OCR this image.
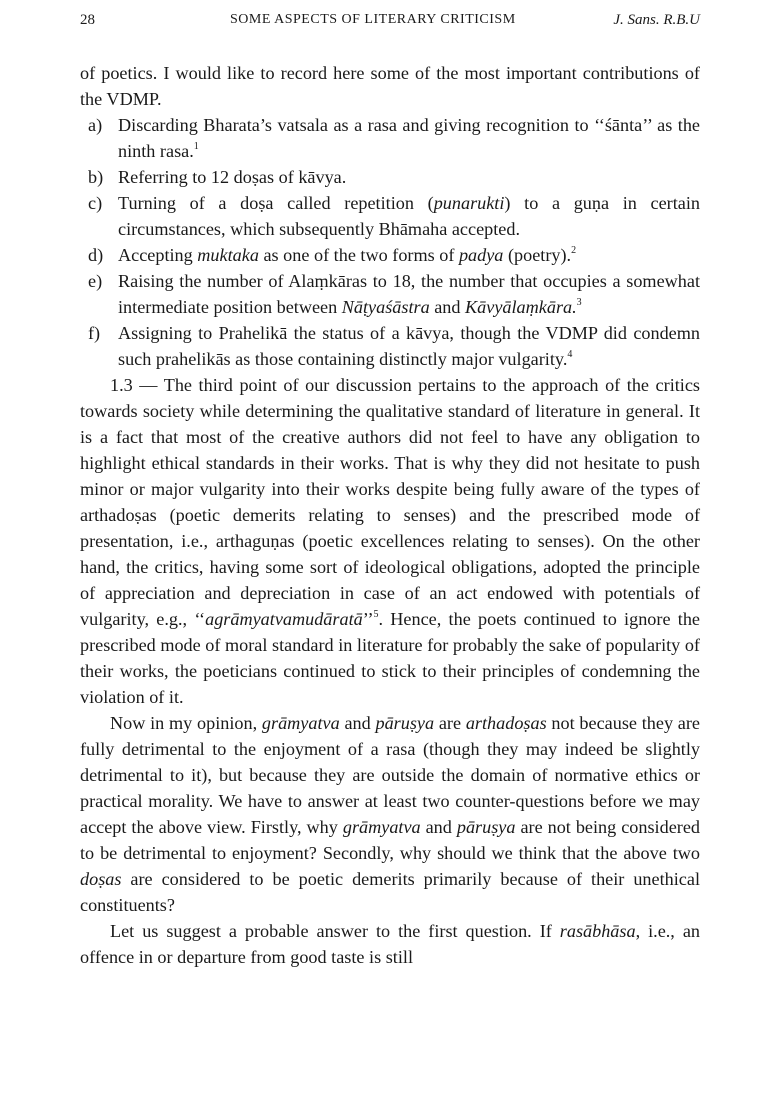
28	SOME ASPECTS OF LITERARY CRITICISM	J. Sans. R.B.U

of poetics. I would like to record here some of the most important contributions of the VDMP.

a) Discarding Bharata’s vatsala as a rasa and giving recognition to ‘‘śānta’’ as the ninth rasa.$^1$
b) Referring to 12 doṣas of kāvya.
c) Turning of a doṣa called repetition (punarukti) to a guṇa in certain circumstances, which subsequently Bhāmaha accepted.
d) Accepting muktaka as one of the two forms of padya (poetry).$^2$
e) Raising the number of Alaṃkāras to 18, the number that occupies a somewhat intermediate position between Nāṭyaśāstra and Kāvyālaṃkāra.$^3$
f) Assigning to Prahelikā the status of a kāvya, though the VDMP did condemn such prahelikās as those containing distinctly major vulgarity.$^4$

1.3 — The third point of our discussion pertains to the approach of the critics towards society while determining the qualitative standard of literature in general. It is a fact that most of the creative authors did not feel to have any obligation to highlight ethical standards in their works. That is why they did not hesitate to push minor or major vulgarity into their works despite being fully aware of the types of arthadoṣas (poetic demerits relating to senses) and the prescribed mode of presentation, i.e., arthaguṇas (poetic excellences relating to senses). On the other hand, the critics, having some sort of ideological obligations, adopted the principle of appreciation and depreciation in case of an act endowed with potentials of vulgarity, e.g., ‘‘agrāmyatvamudāratā’’$^5$. Hence, the poets continued to ignore the prescribed mode of moral standard in literature for probably the sake of popularity of their works, the poeticians continued to stick to their principles of condemning the violation of it.

Now in my opinion, grāmyatva and pāruṣya are arthadoṣas not because they are fully detrimental to the enjoyment of a rasa (though they may indeed be slightly detrimental to it), but because they are outside the domain of normative ethics or practical morality. We have to answer at least two counter-questions before we may accept the above view. Firstly, why grāmyatva and pāruṣya are not being considered to be detrimental to enjoyment? Secondly, why should we think that the above two doṣas are considered to be poetic demerits primarily because of their unethical constituents?

Let us suggest a probable answer to the first question. If rasābhāsa, i.e., an offence in or departure from good taste is still
